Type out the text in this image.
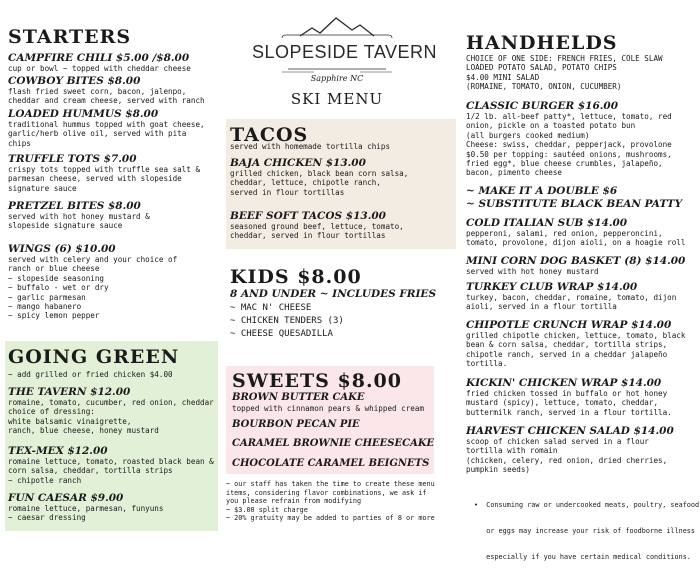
STARTERS
CAMPFIRE CHILI $5.00 /$8.00
cup or bowl ~ topped with cheddar cheese
COWBOY BITES $8.00
flash fried sweet corn, bacon, jalenpo,
cheddar and cream cheese, served with ranch
LOADED HUMMUS $8.00
traditional hummus topped with goat cheese,
garlic/herb olive oil, served with pita
chips
TRUFFLE TOTS $7.00
crispy tots topped with truffle sea salt &
parmesan cheese, served with slopeside
signature sauce
PRETZEL BITES $8.00
served with hot honey mustard &
slopeside signature sauce
WINGS (6) $10.00
served with celery and your choice of
ranch or blue cheese
~ slopeside seasoning
~ buffalo - wet or dry
~ garlic parmesan
~ mango habanero
~ spicy lemon pepper
GOING GREEN
~ add grilled or fried chicken $4.00
THE TAVERN $12.00
romaine, tomato, cucumber, red onion, cheddar
choice of dressing:
white balsamic vinaigrette,
ranch, blue cheese, honey mustard
TEX-MEX $12.00
romaine lettuce, tomato, roasted black bean &
corn salsa, cheddar, tortilla strips
~ chipotle ranch
FUN CAESAR $9.00
romaine lettuce, parmesan, funyuns
~ caesar dressing
SLOPESIDE TAVERN
Sapphire NC
SKI MENU
TACOS
served with homemade tortilla chips
BAJA CHICKEN $13.00
grilled chicken, black bean corn salsa,
cheddar, lettuce, chipotle ranch,
served in flour tortillas
BEEF SOFT TACOS $13.00
seasoned ground beef, lettuce, tomato,
cheddar, served in flour tortillas
KIDS $8.00
8 AND UNDER ~ INCLUDES FRIES
~ MAC N' CHEESE
~ CHICKEN TENDERS (3)
~ CHEESE QUESADILLA
SWEETS $8.00
BROWN BUTTER CAKE
topped with cinnamon pears & whipped cream
BOURBON PECAN PIE
CARAMEL BROWNIE CHEESECAKE
CHOCOLATE CARAMEL BEIGNETS
~ our staff has taken the time to create these menu
items, considering flavor combinations, we ask if
you please refrain from modifying
~ $3.00 split charge
~ 20% gratuity may be added to parties of 8 or more
HANDHELDS
CHOICE OF ONE SIDE: FRENCH FRIES, COLE SLAW
LOADED POTATO SALAD, POTATO CHIPS
$4.00 MINI SALAD
(ROMAINE, TOMATO, ONION, CUCUMBER)
CLASSIC BURGER $16.00
1/2 lb. all-beef patty*, lettuce, tomato, red
onion, pickle on a toasted potato bun
(all burgers cooked medium)
Cheese: swiss, cheddar, pepperjack, provolone
$0.50 per topping: sautéed onions, mushrooms,
fried egg*, blue cheese crumbles, jalapeño,
bacon, pimento cheese
~ MAKE IT A DOUBLE $6
~ SUBSTITUTE BLACK BEAN PATTY
COLD ITALIAN SUB $14.00
pepperoni, salami, red onion, pepperoncini,
tomato, provolone, dijon aioli, on a hoagie roll
MINI CORN DOG BASKET (8) $14.00
served with hot honey mustard
TURKEY CLUB WRAP $14.00
turkey, bacon, cheddar, romaine, tomato, dijon
aioli, served in a flour tortilla
CHIPOTLE CRUNCH WRAP $14.00
grilled chipotle chicken, lettuce, tomato, black
bean & corn salsa, cheddar, tortilla strips,
chipotle ranch, served in a cheddar jalapeño
tortilla.
KICKIN' CHICKEN WRAP $14.00
fried chicken tossed in buffalo or hot honey
mustard (spicy), lettuce, tomato, cheddar,
buttermilk ranch, served in a flour tortilla.
HARVEST CHICKEN SALAD $14.00
scoop of chicken salad served in a flour
tortilla with romain
(chicken, celery, red onion, dried cherries,
pumpkin seeds)

•  Consuming raw or undercooked meats, poultry, seafood

or eggs may increase your risk of foodborne illness

especially if you have certain medical conditions.
